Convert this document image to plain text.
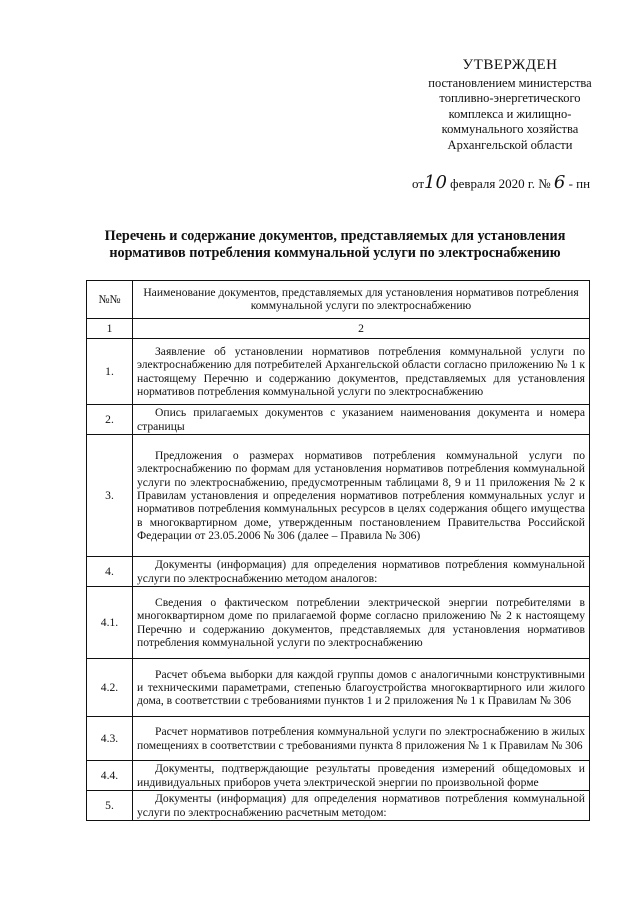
УТВЕРЖДЕН
постановлением министерства
топливно-энергетического
комплекса и жилищно-
коммунального хозяйства
Архангельской области
от10 февраля 2020 г. № 6 - пн
Перечень и содержание документов, представляемых для установления нормативов потребления коммунальной услуги по электроснабжению
№№	Наименование документов, представляемых для установления нормативов потребления коммунальной услуги по электроснабжению
1	2
1.	Заявление об установлении нормативов потребления коммунальной услуги по электроснабжению для потребителей Архангельской области согласно приложению № 1 к настоящему Перечню и содержанию документов, представляемых для установления нормативов потребления коммунальной услуги по электроснабжению
2.	Опись прилагаемых документов с указанием наименования документа и номера страницы
3.	Предложения о размерах нормативов потребления коммунальной услуги по электроснабжению по формам для установления нормативов потребления коммунальной услуги по электроснабжению, предусмотренным таблицами 8, 9 и 11 приложения № 2 к Правилам установления и определения нормативов потребления коммунальных услуг и нормативов потребления коммунальных ресурсов в целях содержания общего имущества в многоквартирном доме, утвержденным постановлением Правительства Российской Федерации от 23.05.2006 № 306 (далее – Правила № 306)
4.	Документы (информация) для определения нормативов потребления коммунальной услуги по электроснабжению методом аналогов:
4.1.	Сведения о фактическом потреблении электрической энергии потребителями в многоквартирном доме по прилагаемой форме согласно приложению № 2 к настоящему Перечню и содержанию документов, представляемых для установления нормативов потребления коммунальной услуги по электроснабжению
4.2.	Расчет объема выборки для каждой группы домов с аналогичными конструктивными и техническими параметрами, степенью благоустройства многоквартирного или жилого дома, в соответствии с требованиями пунктов 1 и 2 приложения № 1 к Правилам № 306
4.3.	Расчет нормативов потребления коммунальной услуги по электроснабжению в жилых помещениях в соответствии с требованиями пункта 8 приложения № 1 к Правилам № 306
4.4.	Документы, подтверждающие результаты проведения измерений общедомовых и индивидуальных приборов учета электрической энергии по произвольной форме
5.	Документы (информация) для определения нормативов потребления коммунальной услуги по электроснабжению расчетным методом:
